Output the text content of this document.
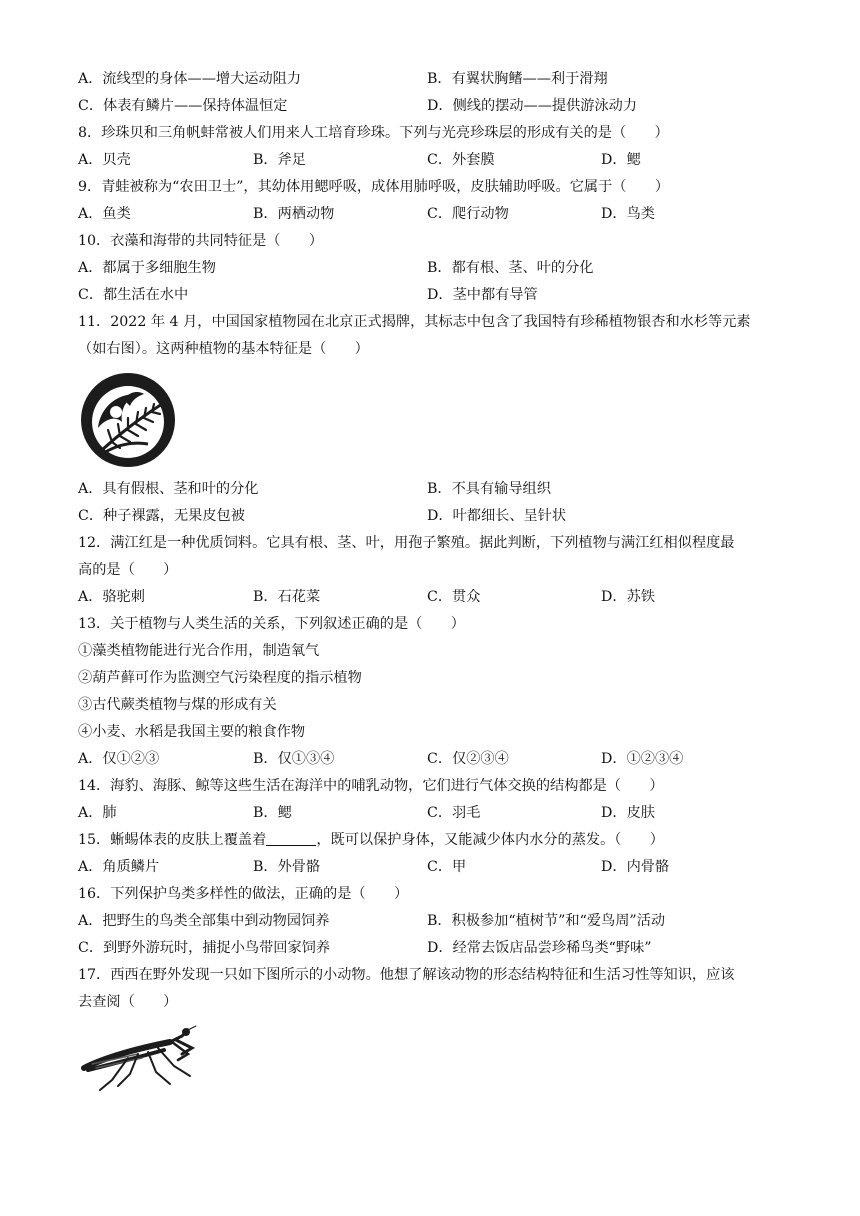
A．流线型的身体——增大运动阻力	B．有翼状胸鳍——利于滑翔
C．体表有鳞片——保持体温恒定	D．侧线的摆动——提供游泳动力
8．珍珠贝和三角帆蚌常被人们用来人工培育珍珠。下列与光亮珍珠层的形成有关的是（　　）
A．贝壳	B．斧足	C．外套膜	D．鳃
9．青蛙被称为“农田卫士”，其幼体用鳃呼吸，成体用肺呼吸，皮肤辅助呼吸。它属于（　　）
A．鱼类	B．两栖动物	C．爬行动物	D．鸟类
10．衣藻和海带的共同特征是（　　）
A．都属于多细胞生物	B．都有根、茎、叶的分化
C．都生活在水中	D．茎中都有导管
11．2022 年 4 月，中国国家植物园在北京正式揭牌，其标志中包含了我国特有珍稀植物银杏和水杉等元素
（如右图）。这两种植物的基本特征是（　　）
A．具有假根、茎和叶的分化	B．不具有输导组织
C．种子裸露，无果皮包被	D．叶都细长、呈针状
12．满江红是一种优质饲料。它具有根、茎、叶，用孢子繁殖。据此判断，下列植物与满江红相似程度最
高的是（　　）
A．骆驼刺	B．石花菜	C．贯众	D．苏铁
13．关于植物与人类生活的关系，下列叙述正确的是（　　）
①藻类植物能进行光合作用，制造氧气
②葫芦藓可作为监测空气污染程度的指示植物
③古代蕨类植物与煤的形成有关
④小麦、水稻是我国主要的粮食作物
A．仅①②③	B．仅①③④	C．仅②③④	D．①②③④
14．海豹、海豚、鲸等这些生活在海洋中的哺乳动物，它们进行气体交换的结构都是（　　）
A．肺	B．鳃	C．羽毛	D．皮肤
15．蜥蜴体表的皮肤上覆盖着	，既可以保护身体，又能减少体内水分的蒸发。（　　）
A．角质鳞片	B．外骨骼	C．甲	D．内骨骼
16．下列保护鸟类多样性的做法，正确的是（　　）
A．把野生的鸟类全部集中到动物园饲养	B．积极参加“植树节”和“爱鸟周”活动
C．到野外游玩时，捕捉小鸟带回家饲养	D．经常去饭店品尝珍稀鸟类“野味”
17．西西在野外发现一只如下图所示的小动物。他想了解该动物的形态结构特征和生活习性等知识，应该
去查阅（　　）
